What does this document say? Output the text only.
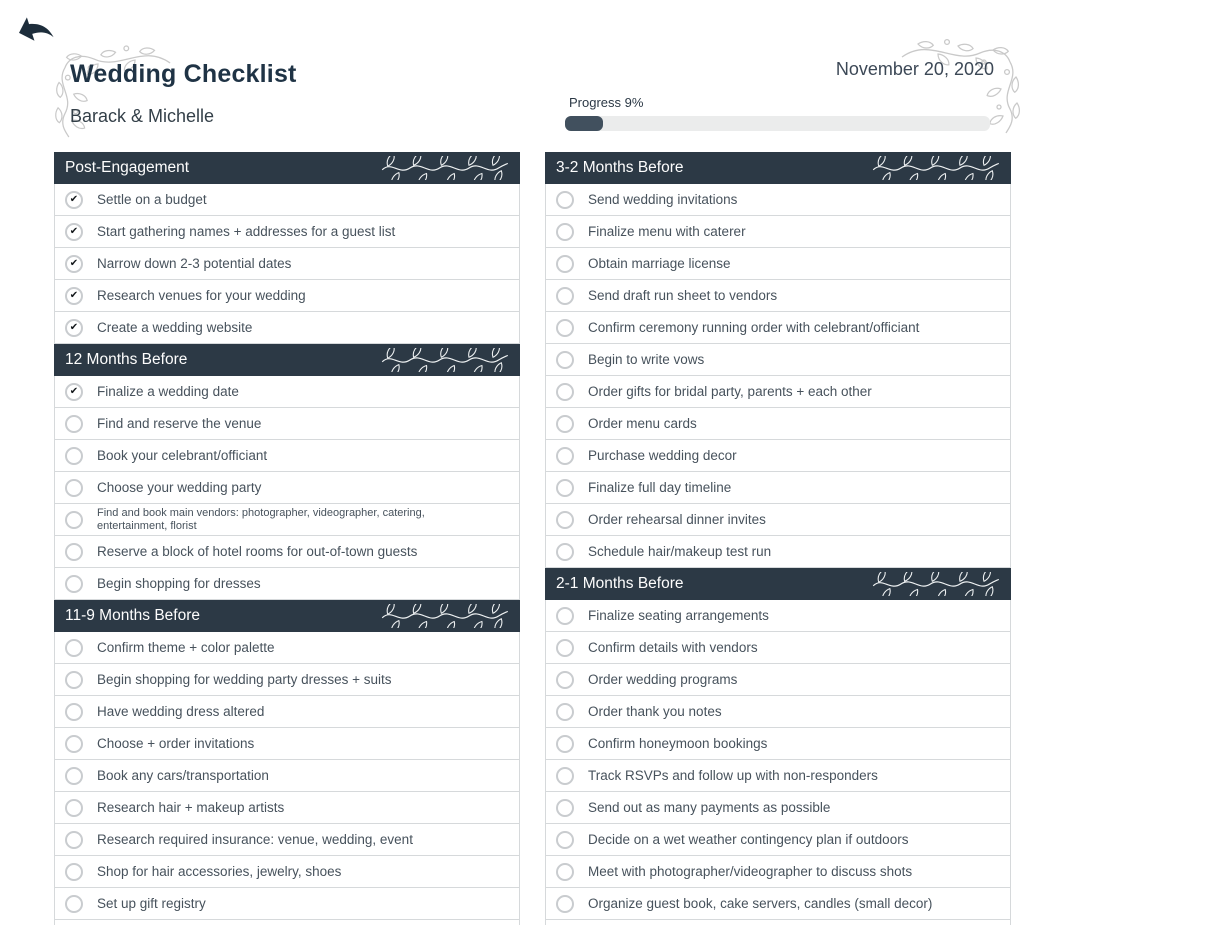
Wedding Checklist
Barack & Michelle
November 20, 2020
Progress 9%
Post-Engagement
✔	Settle on a budget
✔	Start gathering names + addresses for a guest list
✔	Narrow down 2-3 potential dates
✔	Research venues for your wedding
✔	Create a wedding website
12 Months Before
✔	Finalize a wedding date
Find and reserve the venue
Book your celebrant/officiant
Choose your wedding party
Find and book main vendors: photographer, videographer, catering, entertainment, florist
Reserve a block of hotel rooms for out-of-town guests
Begin shopping for dresses
11-9 Months Before
Confirm theme + color palette
Begin shopping for wedding party dresses + suits
Have wedding dress altered
Choose + order invitations
Book any cars/transportation
Research hair + makeup artists
Research required insurance: venue, wedding, event
Shop for hair accessories, jewelry, shoes
Set up gift registry
3-2 Months Before
Send wedding invitations
Finalize menu with caterer
Obtain marriage license
Send draft run sheet to vendors
Confirm ceremony running order with celebrant/officiant
Begin to write vows
Order gifts for bridal party, parents + each other
Order menu cards
Purchase wedding decor
Finalize full day timeline
Order rehearsal dinner invites
Schedule hair/makeup test run
2-1 Months Before
Finalize seating arrangements
Confirm details with vendors
Order wedding programs
Order thank you notes
Confirm honeymoon bookings
Track RSVPs and follow up with non-responders
Send out as many payments as possible
Decide on a wet weather contingency plan if outdoors
Meet with photographer/videographer to discuss shots
Organize guest book, cake servers, candles (small decor)
